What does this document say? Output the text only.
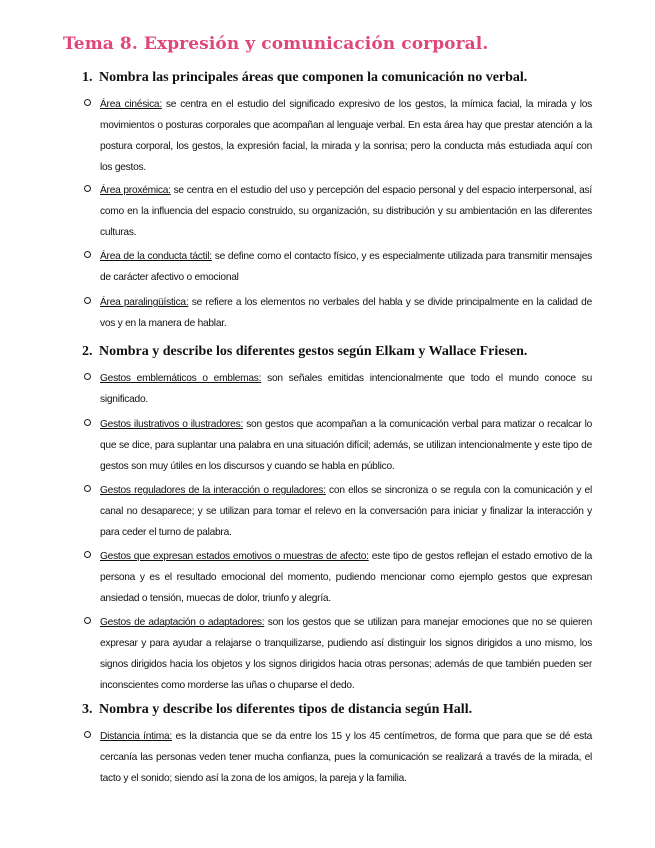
Tema 8. Expresión y comunicación corporal.
1. Nombra las principales áreas que componen la comunicación no verbal.
Área cinésica: se centra en el estudio del significado expresivo de los gestos, la mímica facial, la mirada y los movimientos o posturas corporales que acompañan al lenguaje verbal. En esta área hay que prestar atención a la postura corporal, los gestos, la expresión facial, la mirada y la sonrisa; pero la conducta más estudiada aquí con los gestos.
Área proxémica: se centra en el estudio del uso y percepción del espacio personal y del espacio interpersonal, así como en la influencia del espacio construido, su organización, su distribución y su ambientación en las diferentes culturas.
Área de la conducta táctil: se define como el contacto físico, y es especialmente utilizada para transmitir mensajes de carácter afectivo o emocional
Área paralingüística: se refiere a los elementos no verbales del habla y se divide principalmente en la calidad de vos y en la manera de hablar.
2. Nombra y describe los diferentes gestos según Elkam y Wallace Friesen.
Gestos emblemáticos o emblemas: son señales emitidas intencionalmente que todo el mundo conoce su significado.
Gestos ilustrativos o ilustradores: son gestos que acompañan a la comunicación verbal para matizar o recalcar lo que se dice, para suplantar una palabra en una situación difícil; además, se utilizan intencionalmente y este tipo de gestos son muy útiles en los discursos y cuando se habla en público.
Gestos reguladores de la interacción o reguladores: con ellos se sincroniza o se regula con la comunicación y el canal no desaparece; y se utilizan para tomar el relevo en la conversación para iniciar y finalizar la interacción y para ceder el turno de palabra.
Gestos que expresan estados emotivos o muestras de afecto: este tipo de gestos reflejan el estado emotivo de la persona y es el resultado emocional del momento, pudiendo mencionar como ejemplo gestos que expresan ansiedad o tensión, muecas de dolor, triunfo y alegría.
Gestos de adaptación o adaptadores: son los gestos que se utilizan para manejar emociones que no se quieren expresar y para ayudar a relajarse o tranquilizarse, pudiendo así distinguir los signos dirigidos a uno mismo, los signos dirigidos hacia los objetos y los signos dirigidos hacia otras personas; además de que también pueden ser inconscientes como morderse las uñas o chuparse el dedo.
3. Nombra y describe los diferentes tipos de distancia según Hall.
Distancia íntima: es la distancia que se da entre los 15 y los 45 centímetros, de forma que para que se dé esta cercanía las personas veden tener mucha confianza, pues la comunicación se realizará a través de la mirada, el tacto y el sonido; siendo así la zona de los amigos, la pareja y la familia.
